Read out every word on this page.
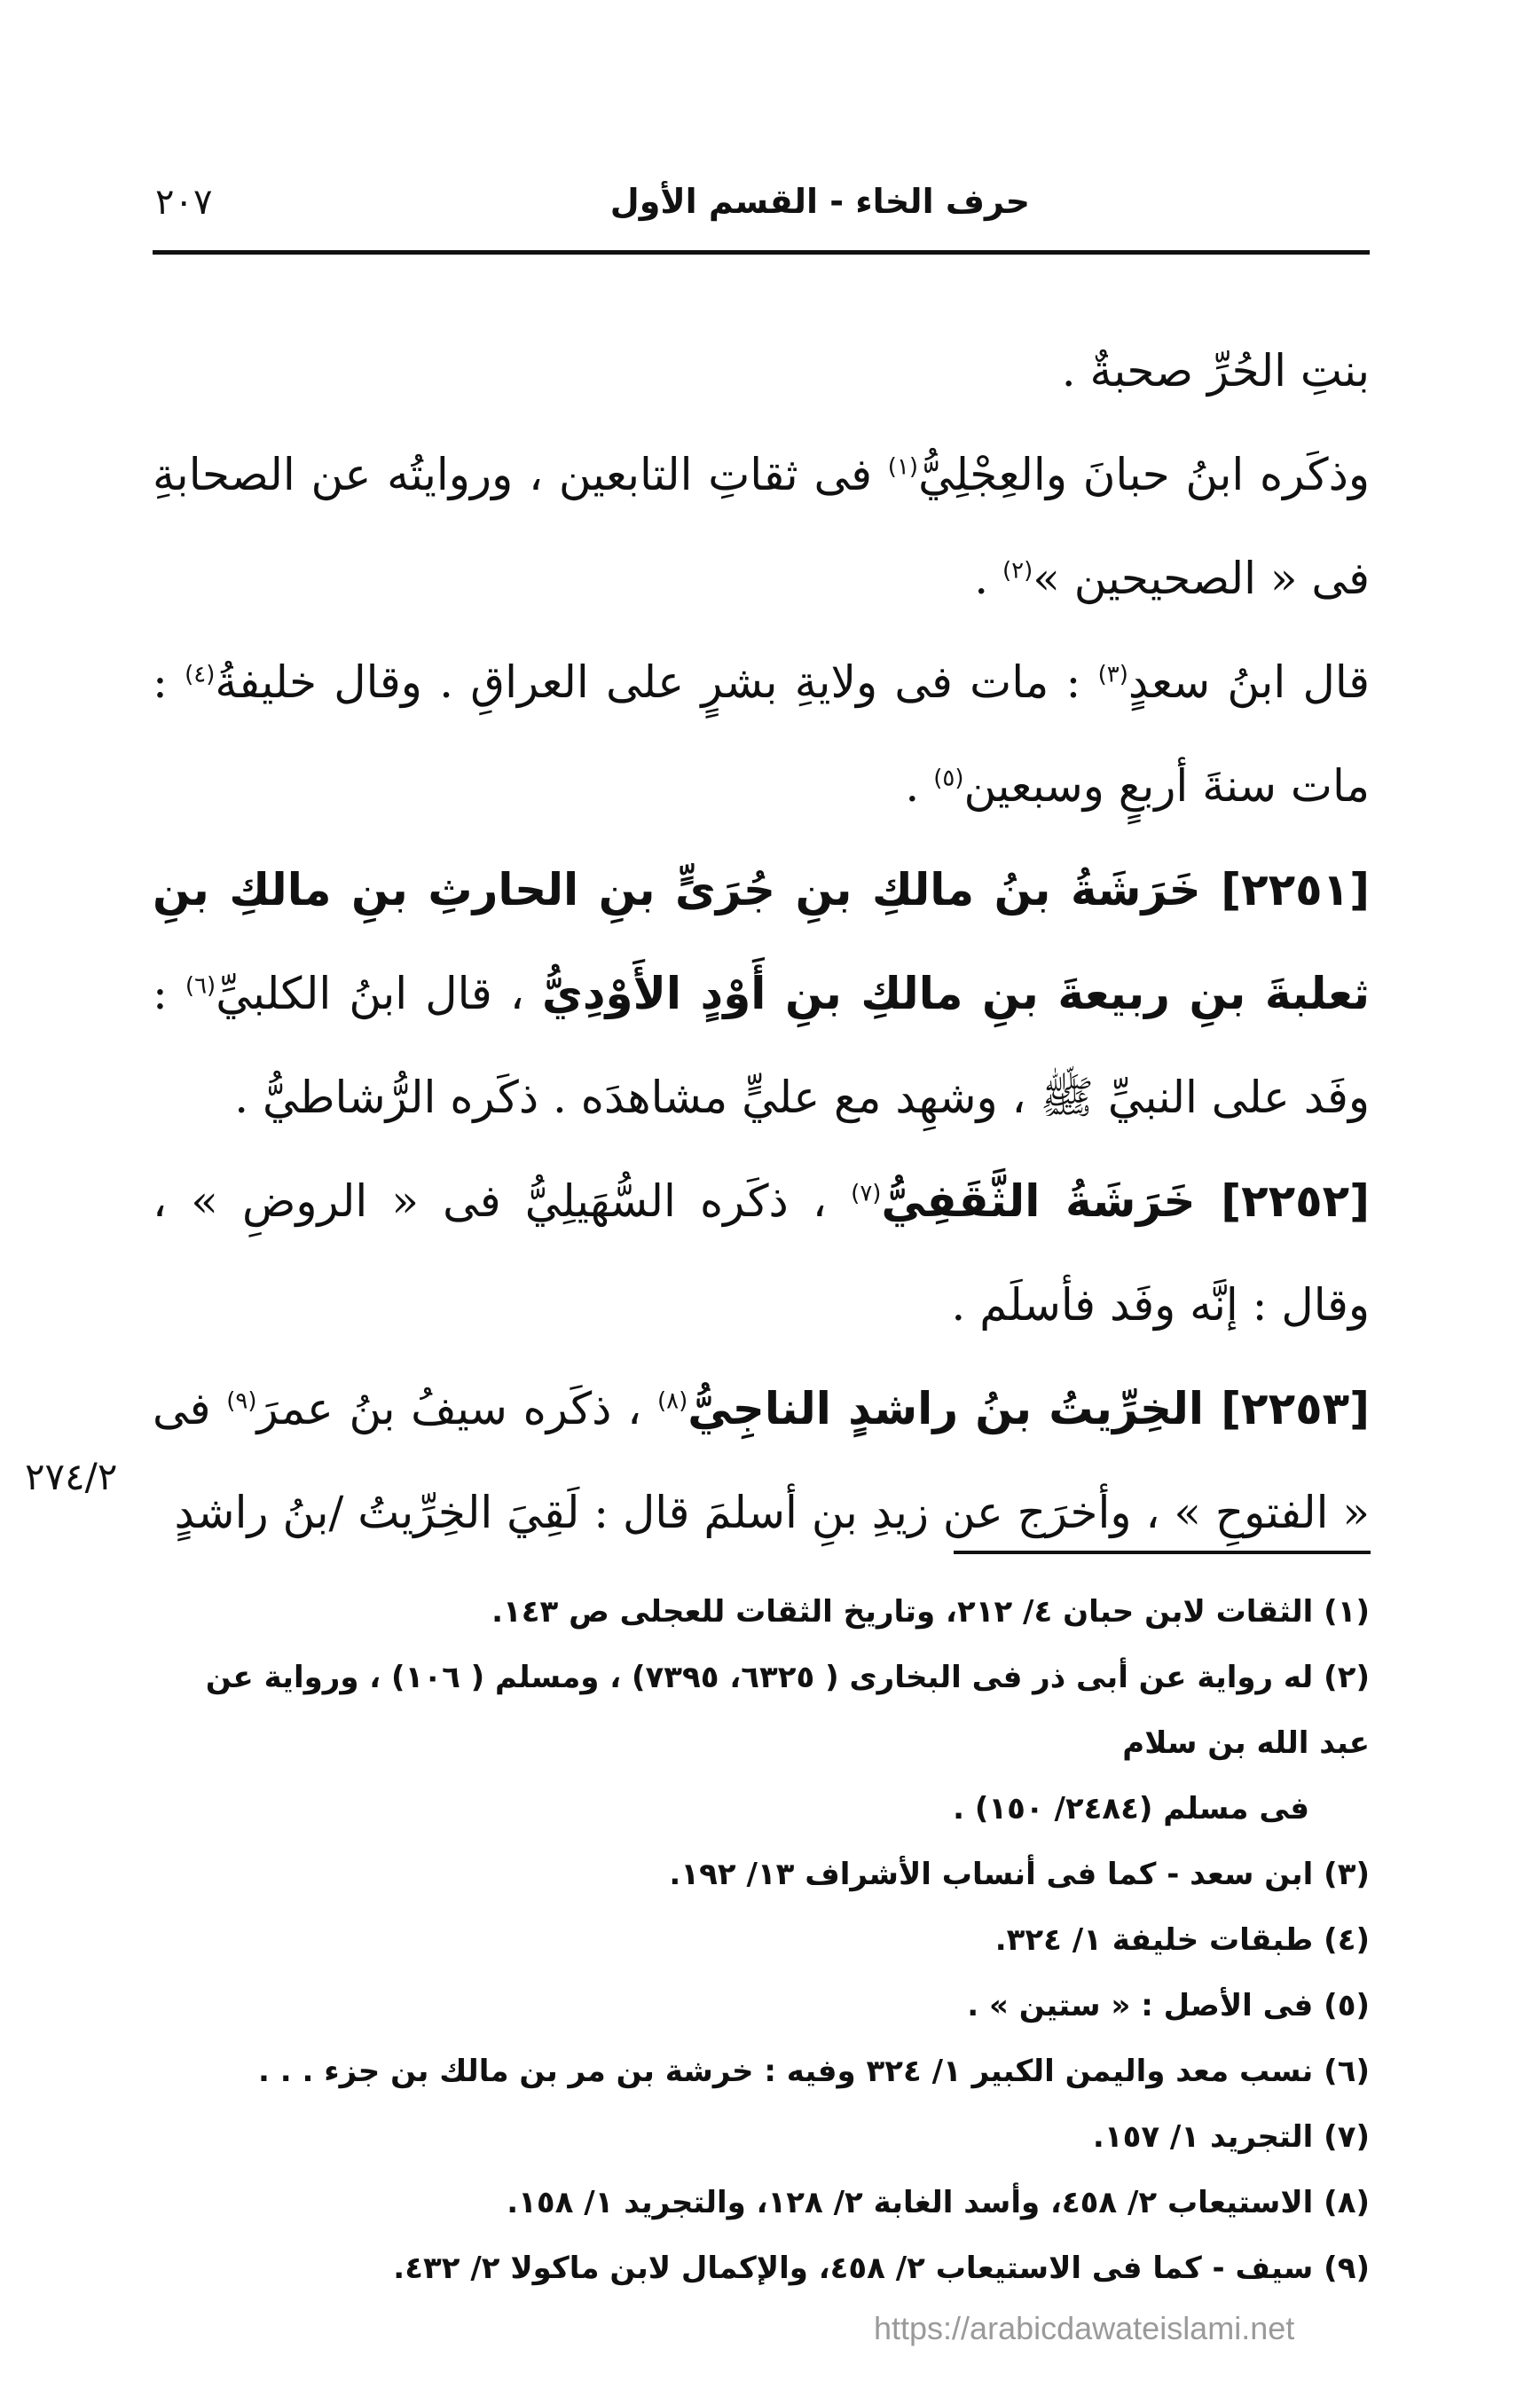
حرف الخاء - القسم الأول
٢٠٧

بنتِ الحُرِّ صحبةٌ .

وذكَره ابنُ حبانَ والعِجْلِيُّ$^{(١)}$ فى ثقاتِ التابعين ، وروايتُه عن الصحابةِ فى « الصحيحين »$^{(٢)}$ .

قال ابنُ سعدٍ$^{(٣)}$ : مات فى ولايةِ بشرٍ على العراقِ . وقال خليفةُ$^{(٤)}$ : مات سنةَ أربعٍ وسبعين$^{(٥)}$ .

[٢٢٥١] خَرَشَةُ بنُ مالكِ بنِ جُرَىٍّ بنِ الحارثِ بنِ مالكِ بنِ ثعلبةَ بنِ ربيعةَ بنِ مالكِ بنِ أَوْدٍ الأَوْدِيُّ ، قال ابنُ الكلبيِّ$^{(٦)}$ : وفَد على النبيِّ ﷺ ، وشهِد مع عليٍّ مشاهدَه . ذكَره الرُّشاطيُّ .

[٢٢٥٢] خَرَشَةُ الثَّقَفِيُّ$^{(٧)}$ ، ذكَره السُّهَيلِيُّ فى « الروضِ » ، وقال : إنَّه وفَد فأسلَم .

[٢٢٥٣] الخِرِّيتُ بنُ راشدٍ الناجِيُّ$^{(٨)}$ ، ذكَره سيفُ بنُ عمرَ$^{(٩)}$ فى « الفتوحِ » ، وأخرَج عن زيدِ بنِ أسلمَ قال : لَقِيَ الخِرِّيتُ /بنُ راشدٍ

٢٧٤/٢

(١) الثقات لابن حبان ٤/ ٢١٢، وتاريخ الثقات للعجلى ص ١٤٣.

(٢) له رواية عن أبى ذر فى البخارى ( ٦٣٢٥، ٧٣٩٥) ، ومسلم ( ١٠٦) ، ورواية عن عبد الله بن سلام

فى مسلم (٢٤٨٤/ ١٥٠) .

(٣) ابن سعد - كما فى أنساب الأشراف ١٣/ ١٩٢.

(٤) طبقات خليفة ١/ ٣٢٤.

(٥) فى الأصل : « ستين » .

(٦) نسب معد واليمن الكبير ١/ ٣٢٤ وفيه : خرشة بن مر بن مالك بن جزء . . .

(٧) التجريد ١/ ١٥٧.

(٨) الاستيعاب ٢/ ٤٥٨، وأسد الغابة ٢/ ١٢٨، والتجريد ١/ ١٥٨.

(٩) سيف - كما فى الاستيعاب ٢/ ٤٥٨، والإكمال لابن ماكولا ٢/ ٤٣٢.

https://arabicdawateislami.net
